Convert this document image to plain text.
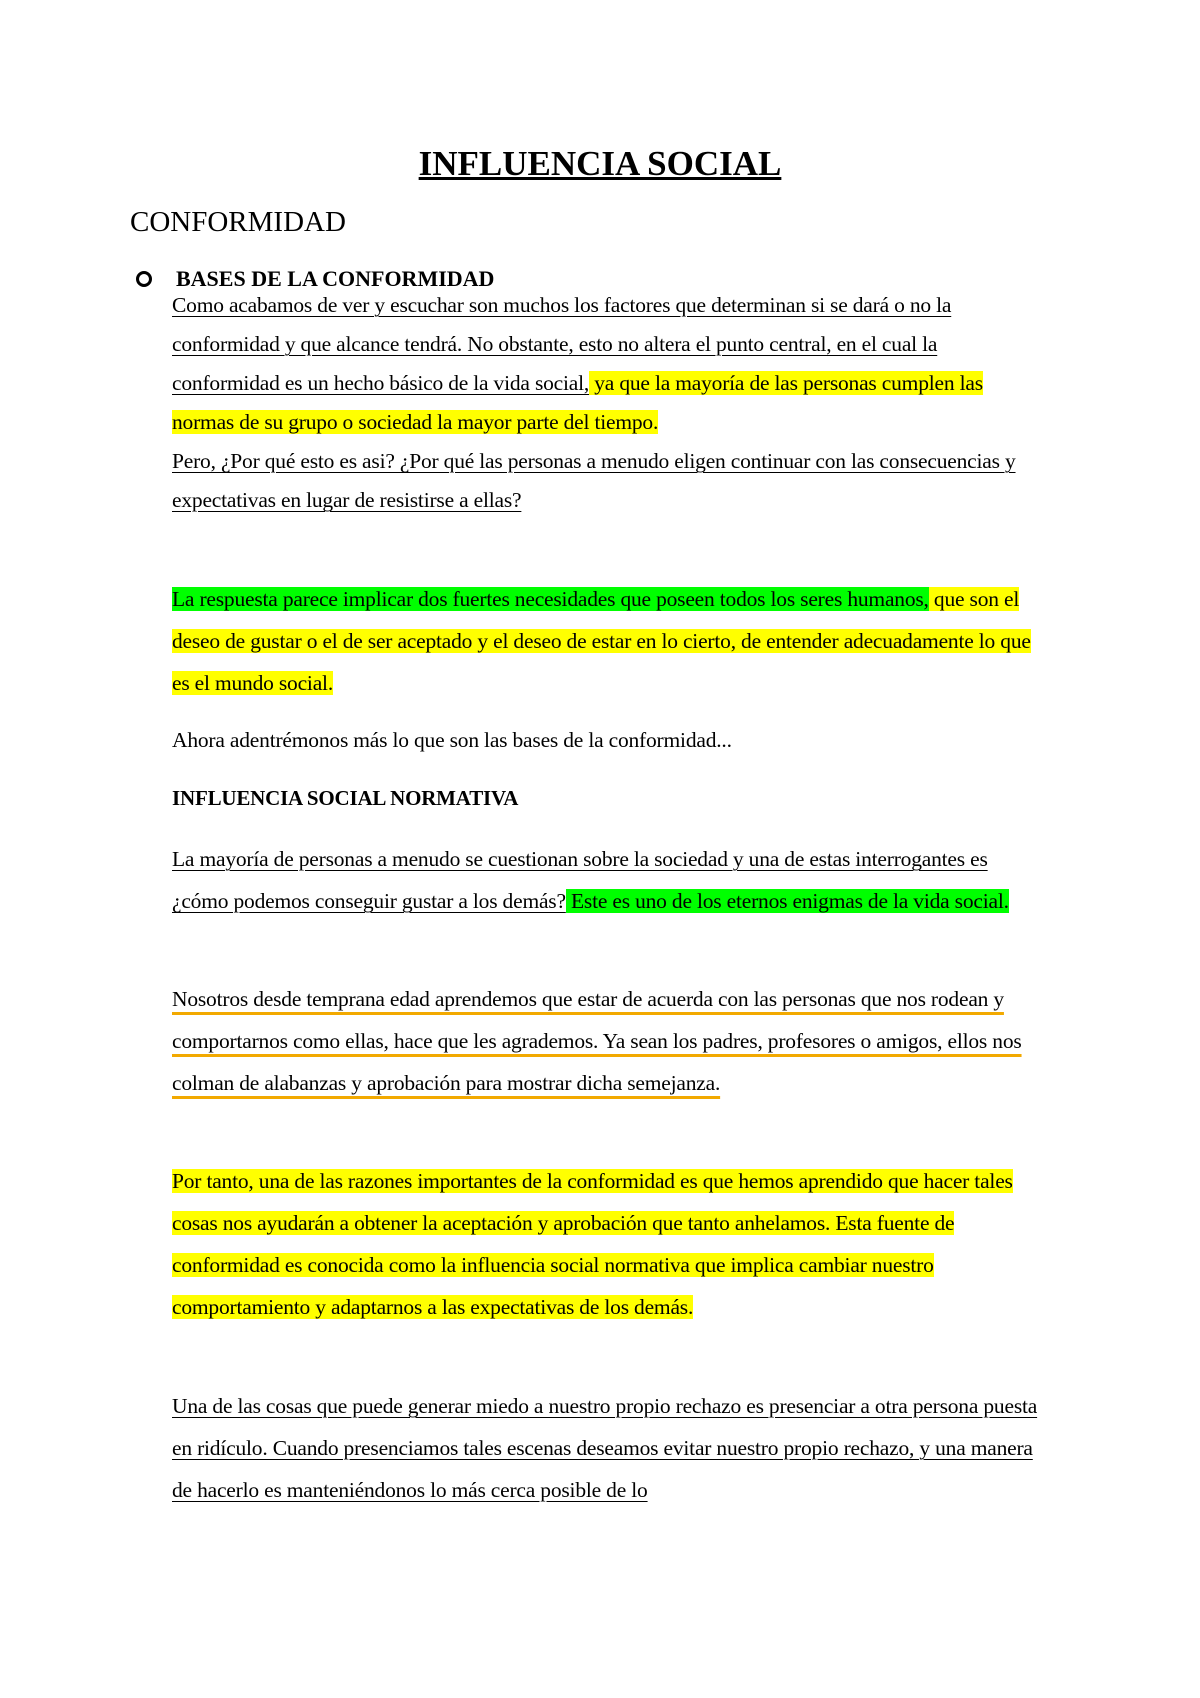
INFLUENCIA SOCIAL
CONFORMIDAD
BASES DE LA CONFORMIDAD

Como acabamos de ver y escuchar son muchos los factores que determinan si se dará o no la conformidad y que alcance tendrá. No obstante, esto no altera el punto central, en el cual la conformidad es un hecho básico de la vida social, ya que la mayoría de las personas cumplen las normas de su grupo o sociedad la mayor parte del tiempo.
Pero, ¿Por qué esto es asi? ¿Por qué las personas a menudo eligen continuar con las consecuencias y expectativas en lugar de resistirse a ellas?

La respuesta parece implicar dos fuertes necesidades que poseen todos los seres humanos, que son el deseo de gustar o el de ser aceptado y el deseo de estar en lo cierto, de entender adecuadamente lo que es el mundo social.

Ahora adentrémonos más lo que son las bases de la conformidad...

INFLUENCIA SOCIAL NORMATIVA

La mayoría de personas a menudo se cuestionan sobre la sociedad y una de estas interrogantes es ¿cómo podemos conseguir gustar a los demás? Este es uno de los eternos enigmas de la vida social.

Nosotros desde temprana edad aprendemos que estar de acuerda con las personas que nos rodean y comportarnos como ellas, hace que les agrademos. Ya sean los padres, profesores o amigos, ellos nos colman de alabanzas y aprobación para mostrar dicha semejanza.

Por tanto, una de las razones importantes de la conformidad es que hemos aprendido que hacer tales cosas nos ayudarán a obtener la aceptación y aprobación que tanto anhelamos. Esta fuente de conformidad es conocida como la influencia social normativa que implica cambiar nuestro comportamiento y adaptarnos a las expectativas de los demás.

Una de las cosas que puede generar miedo a nuestro propio rechazo es presenciar a otra persona puesta en ridículo. Cuando presenciamos tales escenas deseamos evitar nuestro propio rechazo, y una manera de hacerlo es manteniéndonos lo más cerca posible de lo
